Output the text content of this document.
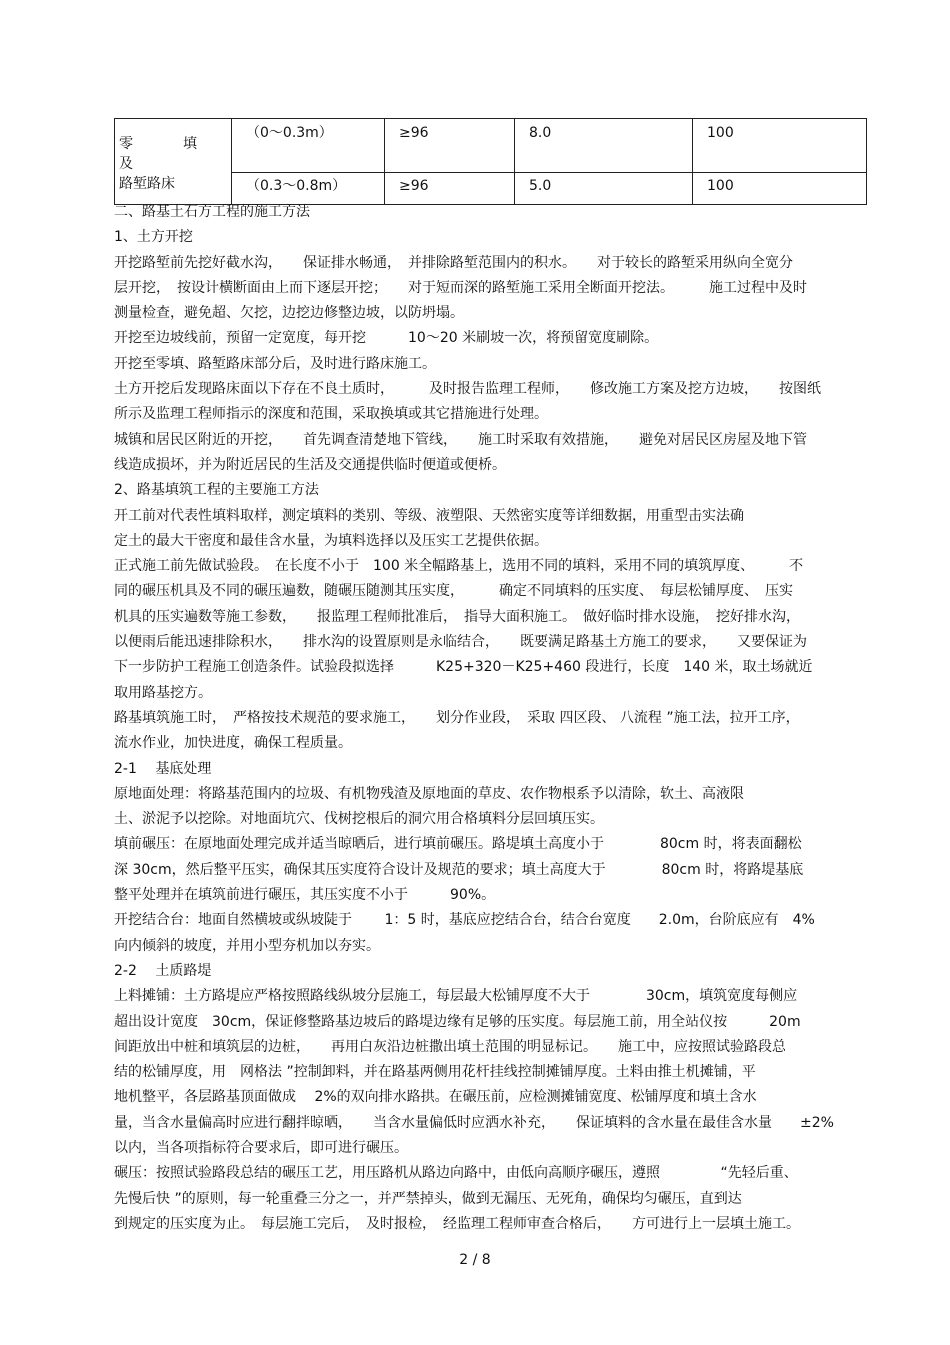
零　填　及
路堑路床	（0～0.3m）	≥96	8.0	100
	（0.3～0.8m）	≥96	5.0	100

二、路基土石方工程的施工方法

1、土方开挖

开挖路堑前先挖好截水沟，　　保证排水畅通，　并排除路堑范围内的积水。　　对于较长的路堑采用纵向全宽分

层开挖，　按设计横断面由上而下逐层开挖；　　对于短而深的路堑施工采用全断面开挖法。　　　施工过程中及时

测量检查，避免超、欠挖，边挖边修整边坡，以防坍塌。

开挖至边坡线前，预留一定宽度，每开挖　　　10～20 米刷坡一次，将预留宽度刷除。

开挖至零填、路堑路床部分后，及时进行路床施工。

土方开挖后发现路床面以下存在不良土质时，　　　及时报告监理工程师，　　修改施工方案及挖方边坡，　　按图纸

所示及监理工程师指示的深度和范围，采取换填或其它措施进行处理。

城镇和居民区附近的开挖，　　首先调查清楚地下管线，　　施工时采取有效措施，　　避免对居民区房屋及地下管

线造成损坏，并为附近居民的生活及交通提供临时便道或便桥。

2、路基填筑工程的主要施工方法

开工前对代表性填料取样，测定填料的类别、等级、液塑限、天然密实度等详细数据，用重型击实法确

定土的最大干密度和最佳含水量，为填料选择以及压实工艺提供依据。

正式施工前先做试验段。　在长度不小于　100 米全幅路基上，选用不同的填料，采用不同的填筑厚度、　　　不

同的碾压机具及不同的碾压遍数，随碾压随测其压实度，　　　确定不同填料的压实度、　每层松铺厚度、　压实

机具的压实遍数等施工参数，　　报监理工程师批准后，　指导大面积施工。　做好临时排水设施，　挖好排水沟，

以便雨后能迅速排除积水，　　排水沟的设置原则是永临结合，　　既要满足路基土方施工的要求，　　又要保证为

下一步防护工程施工创造条件。试验段拟选择　　　K25+320－K25+460 段进行，长度　140 米，取土场就近

取用路基挖方。

路基填筑施工时，　严格按技术规范的要求施工，　　划分作业段，　采取 四区段、 八流程 ”施工法，拉开工序，

流水作业，加快进度，确保工程质量。

2-1　 基底处理

原地面处理：将路基范围内的垃圾、有机物残渣及原地面的草皮、农作物根系予以清除，软土、高液限

土、淤泥予以挖除。对地面坑穴、伐树挖根后的洞穴用合格填料分层回填压实。

填前碾压：在原地面处理完成并适当晾晒后，进行填前碾压。路堤填土高度小于　　　　80cm 时，将表面翻松

深 30cm，然后整平压实，确保其压实度符合设计及规范的要求；填土高度大于　　　　80cm 时，将路堤基底

整平处理并在填筑前进行碾压，其压实度不小于　　　90%。

开挖结合台：地面自然横坡或纵坡陡于　　 1：5 时，基底应挖结合台，结合台宽度　　2.0m，台阶底应有　4%

向内倾斜的坡度，并用小型夯机加以夯实。

2-2　 土质路堤

上料摊铺：土方路堤应严格按照路线纵坡分层施工，每层最大松铺厚度不大于　　　　30cm，填筑宽度每侧应

超出设计宽度　30cm，保证修整路基边坡后的路堤边缘有足够的压实度。每层施工前，用全站仪按　　　20m

间距放出中桩和填筑层的边桩，　　再用白灰沿边桩撒出填土范围的明显标记。　　施工中，应按照试验路段总

结的松铺厚度，用　网格法 ”控制卸料，并在路基两侧用花杆挂线控制摊铺厚度。土料由推土机摊铺，平

地机整平，各层路基顶面做成　 2%的双向排水路拱。在碾压前，应检测摊铺宽度、松铺厚度和填土含水

量，当含水量偏高时应进行翻拌晾晒，　　当含水量偏低时应洒水补充，　　保证填料的含水量在最佳含水量　　±2%

以内，当各项指标符合要求后，即可进行碾压。

碾压：按照试验路段总结的碾压工艺，用压路机从路边向路中，由低向高顺序碾压，遵照　　　　 “先轻后重、

先慢后快 ”的原则，每一轮重叠三分之一，并严禁掉头，做到无漏压、无死角，确保均匀碾压，直到达

到规定的压实度为止。　每层施工完后，　及时报检，　经监理工程师审查合格后，　　方可进行上一层填土施工。

2 / 8
